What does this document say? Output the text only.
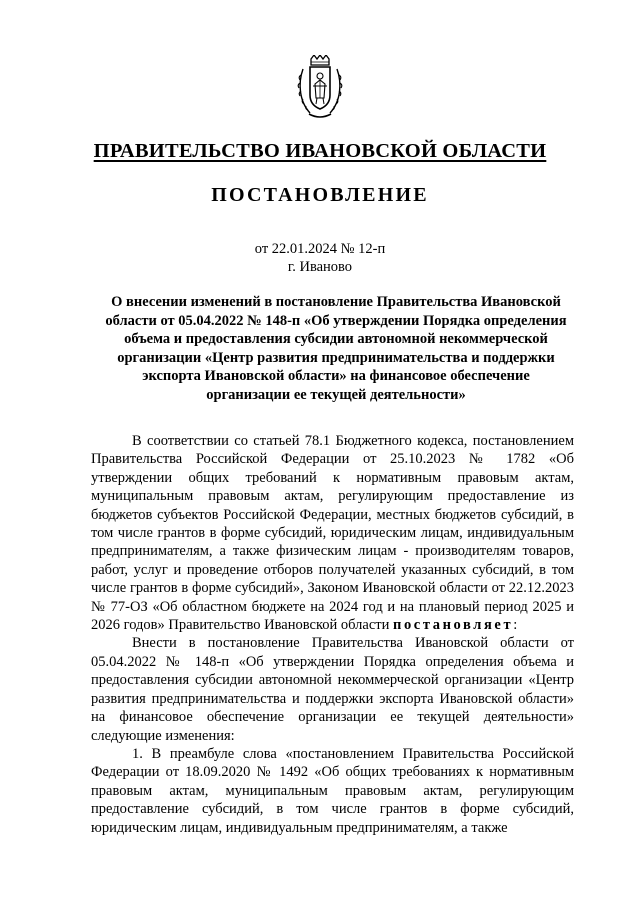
ПРАВИТЕЛЬСТВО ИВАНОВСКОЙ ОБЛАСТИ
ПОСТАНОВЛЕНИЕ
от 22.01.2024 № 12-п
г. Иваново
О внесении изменений в постановление Правительства Ивановской области от 05.04.2022 № 148-п «Об утверждении Порядка определения объема и предоставления субсидии автономной некоммерческой организации «Центр развития предпринимательства и поддержки экспорта Ивановской области» на финансовое обеспечение организации ее текущей деятельности»

В соответствии со статьей 78.1 Бюджетного кодекса, постановлением Правительства Российской Федерации от 25.10.2023 № 1782 «Об утверждении общих требований к нормативным правовым актам, муниципальным правовым актам, регулирующим предоставление из бюджетов субъектов Российской Федерации, местных бюджетов субсидий, в том числе грантов в форме субсидий, юридическим лицам, индивидуальным предпринимателям, а также физическим лицам - производителям товаров, работ, услуг и проведение отборов получателей указанных субсидий, в том числе грантов в форме субсидий», Законом Ивановской области от 22.12.2023 № 77-ОЗ «Об областном бюджете на 2024 год и на плановый период 2025 и 2026 годов» Правительство Ивановской области постановляет:

Внести в постановление Правительства Ивановской области от 05.04.2022 № 148-п «Об утверждении Порядка определения объема и предоставления субсидии автономной некоммерческой организации «Центр развития предпринимательства и поддержки экспорта Ивановской области» на финансовое обеспечение организации ее текущей деятельности» следующие изменения:

1. В преамбуле слова «постановлением Правительства Российской Федерации от 18.09.2020 № 1492 «Об общих требованиях к нормативным правовым актам, муниципальным правовым актам, регулирующим предоставление субсидий, в том числе грантов в форме субсидий, юридическим лицам, индивидуальным предпринимателям, а также
